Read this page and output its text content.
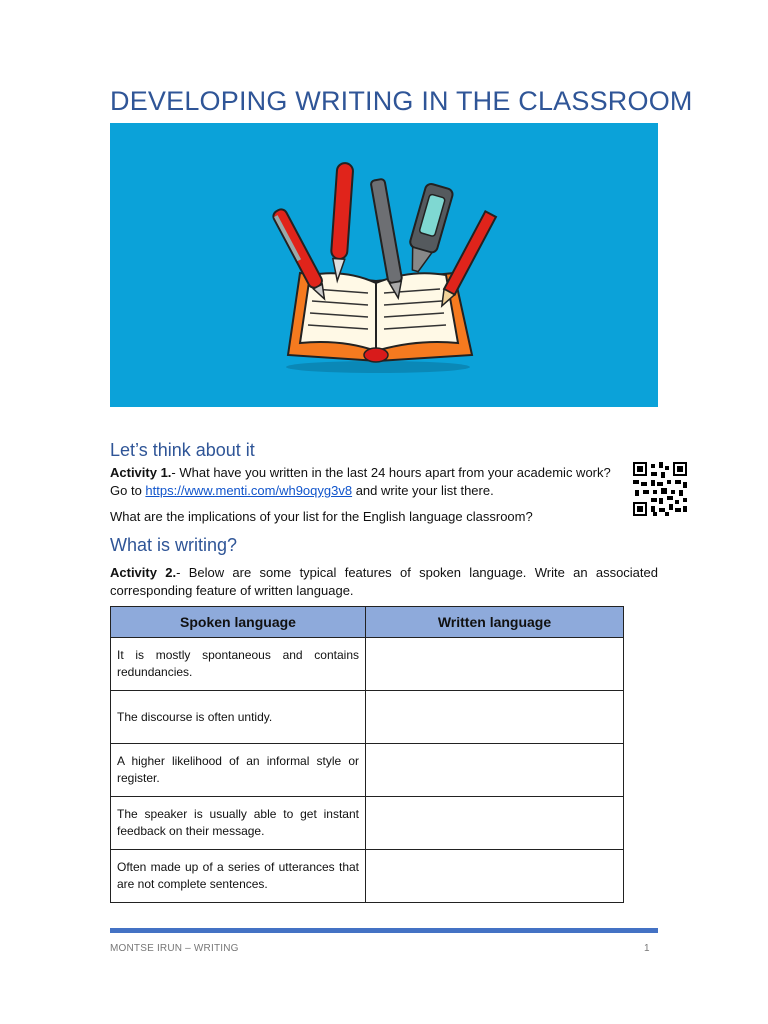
DEVELOPING WRITING IN THE CLASSROOM
Let’s think about it
Activity 1.- What have you written in the last 24 hours apart from your academic work? Go to https://www.menti.com/wh9oqyg3v8 and write your list there.
What are the implications of your list for the English language classroom?
What is writing?
Activity 2.- Below are some typical features of spoken language. Write an associated corresponding feature of written language.
Spoken language	Written language
It is mostly spontaneous and contains redundancies.	
The discourse is often untidy.	
A higher likelihood of an informal style or register.	
The speaker is usually able to get instant feedback on their message.	
Often made up of a series of utterances that are not complete sentences.	
MONTSE IRUN – WRITING	1
